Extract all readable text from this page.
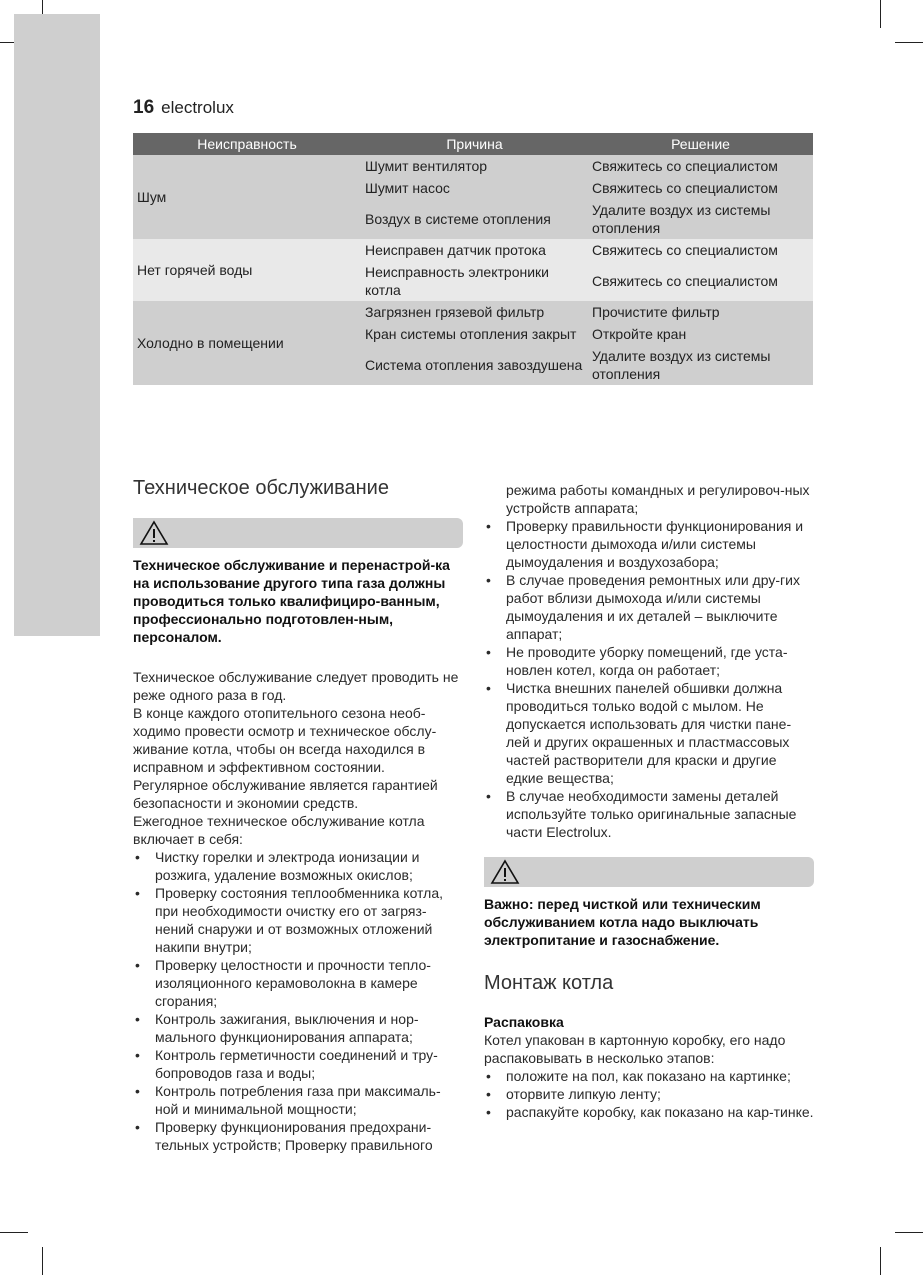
16 electrolux
Неисправность	Причина	Решение
Шум	Шумит вентилятор	Свяжитесь со специалистом
	Шумит насос	Свяжитесь со специалистом
	Воздух в системе отопления	Удалите воздух из системы отопления
Нет горячей воды	Неисправен датчик протока	Свяжитесь со специалистом
	Неисправность электроники котла	Свяжитесь со специалистом
Холодно в помещении	Загрязнен грязевой фильтр	Прочистите фильтр
	Кран системы отопления закрыт	Откройте кран
	Система отопления завоздушена	Удалите воздух из системы отопления
Техническое обслуживание
Техническое обслуживание и перенастрой-ка на использование другого типа газа должны проводиться только квалифициро-ванным, профессионально подготовлен-ным, персоналом.

Техническое обслуживание следует проводить не реже одного раза в год.

В конце каждого отопительного сезона необ-ходимо провести осмотр и техническое обслу-живание котла, чтобы он всегда находился в исправном и эффективном состоянии.

Регулярное обслуживание является гарантией безопасности и экономии средств.

Ежегодное техническое обслуживание котла включает в себя:

• Чистку горелки и электрода ионизации и розжига, удаление возможных окислов;
• Проверку состояния теплообменника котла, при необходимости очистку его от загряз-нений снаружи и от возможных отложений накипи внутри;
• Проверку целостности и прочности тепло-изоляционного керамоволокна в камере сгорания;
• Контроль зажигания, выключения и нор-мального функционирования аппарата;
• Контроль герметичности соединений и тру-бопроводов газа и воды;
• Контроль потребления газа при максималь-ной и минимальной мощности;
• Проверку функционирования предохрани-тельных устройств; Проверку правильного
режима работы командных и регулировоч-ных устройств аппарата;
• Проверку правильности функционирования и целостности дымохода и/или системы дымоудаления и воздухозабора;
• В случае проведения ремонтных или дру-гих работ вблизи дымохода и/или системы дымоудаления и их деталей – выключите аппарат;
• Не проводите уборку помещений, где уста-новлен котел, когда он работает;
• Чистка внешних панелей обшивки должна проводиться только водой с мылом. Не допускается использовать для чистки пане-лей и других окрашенных и пластмассовых частей растворители для краски и другие едкие вещества;
• В случае необходимости замены деталей используйте только оригинальные запасные части Electrolux.
Важно: перед чисткой или техническим обслуживанием котла надо выключать электропитание и газоснабжение.
Монтаж котла
Распаковка

Котел упакован в картонную коробку, его надо распаковывать в несколько этапов:

• положите на пол, как показано на картинке;
• оторвите липкую ленту;
• распакуйте коробку, как показано на кар-тинке.
